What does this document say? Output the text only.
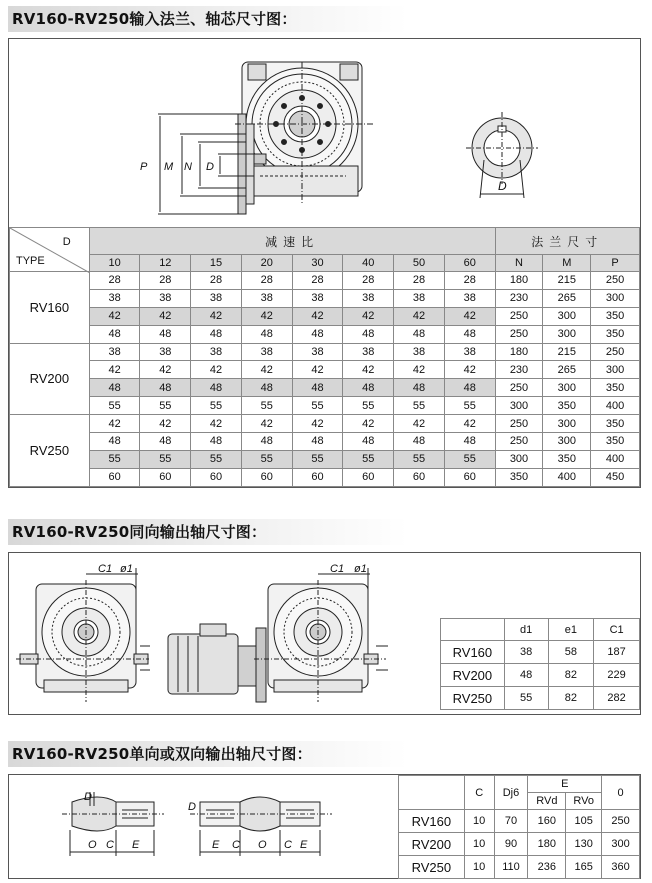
RV160-RV250输入法兰、轴芯尺寸图：
P M N D
D
D
TYPE	减速比								法兰尺寸		
	10	12	15	20	30	40	50	60	N	M	P
RV160	28	28	28	28	28	28	28	28	180	215	250
	38	38	38	38	38	38	38	38	230	265	300
	42	42	42	42	42	42	42	42	250	300	350
	48	48	48	48	48	48	48	48	250	300	350
RV200	38	38	38	38	38	38	38	38	180	215	250
	42	42	42	42	42	42	42	42	230	265	300
	48	48	48	48	48	48	48	48	250	300	350
	55	55	55	55	55	55	55	55	300	350	400
RV250	42	42	42	42	42	42	42	42	250	300	350
	48	48	48	48	48	48	48	48	250	300	350
	55	55	55	55	55	55	55	55	300	350	400
	60	60	60	60	60	60	60	60	350	400	450
RV160-RV250同向输出轴尺寸图：
C1 ø1	C1 ø1
	d1	e1	C1
RV160	38	58	187
RV200	48	82	229
RV250	55	82	282
RV160-RV250单向或双向输出轴尺寸图：
D
O C E
D
E C O C E
	C	Dj6	E		0
			RVd	RVo	
RV160	10	70	160	105	250
RV200	10	90	180	130	300
RV250	10	110	236	165	360
